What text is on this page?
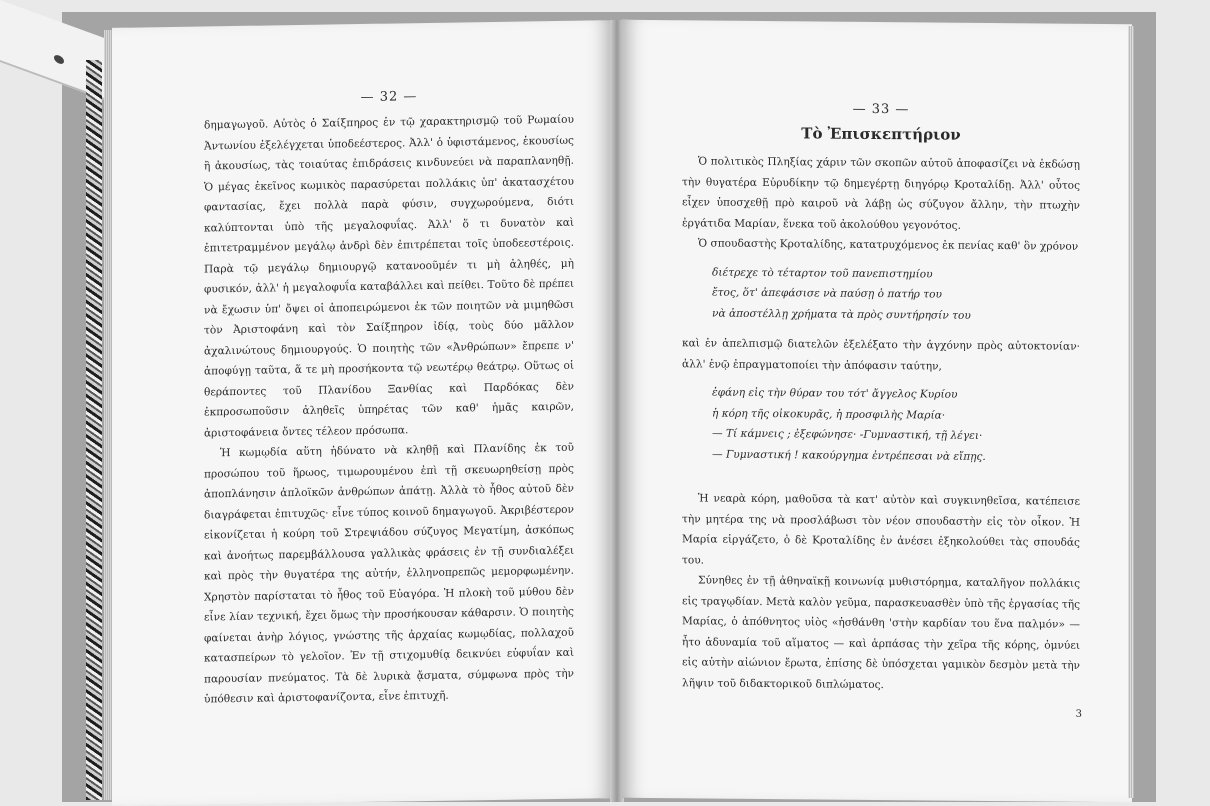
— 32 —

δημαγωγοῦ. Αὐτὸς ὁ Σαίξπηρος ἐν τῷ χαρακτηρισμῷ τοῦ Ρωμαίου Ἀντωνίου ἐξελέγχεται ὑποδεέστερος. Ἀλλ' ὁ ὑφιστάμενος, ἑκουσίως ἢ ἀκουσίως, τὰς τοιαύτας ἐπιδράσεις κινδυνεύει νὰ παραπλανηθῇ. Ὁ μέγας ἐκεῖνος κωμικὸς παρασύρεται πολλάκις ὑπ' ἀκατασχέτου φαντασίας, ἔχει πολλὰ παρὰ φύσιν, συγχωρούμενα, διότι καλύπτονται ὑπὸ τῆς μεγαλοφυΐας. Ἀλλ' ὅ τι δυνατὸν καὶ ἐπιτετραμμένον μεγάλῳ ἀνδρὶ δὲν ἐπιτρέπεται τοῖς ὑποδεεστέροις. Παρὰ τῷ μεγάλῳ δημιουργῷ κατανοοῦμέν τι μὴ ἀληθές, μὴ φυσικόν, ἀλλ' ἡ μεγαλοφυΐα καταβάλλει καὶ πείθει. Τοῦτο δὲ πρέπει νὰ ἔχωσιν ὑπ' ὄψει οἱ ἀποπειρώμενοι ἐκ τῶν ποιητῶν νὰ μιμηθῶσι τὸν Ἀριστοφάνη καὶ τὸν Σαίξπηρον ἰδίᾳ, τοὺς δύο μᾶλλον ἀχαλινώτους δημιουργούς. Ὁ ποιητὴς τῶν «Ἀνθρώπων» ἔπρεπε ν' ἀποφύγῃ ταῦτα, ἅ τε μὴ προσήκοντα τῷ νεωτέρῳ θεάτρῳ. Οὕτως οἱ θεράποντες τοῦ Πλανίδου Ξανθίας καὶ Παρδόκας δὲν ἐκπροσωποῦσιν ἀληθεῖς ὑπηρέτας τῶν καθ' ἡμᾶς καιρῶν, ἀριστοφάνεια ὄντες τέλεον πρόσωπα.

Ἡ κωμῳδία αὕτη ἠδύνατο νὰ κληθῇ καὶ Πλανίδης ἐκ τοῦ προσώπου τοῦ ἥρωος, τιμωρουμένου ἐπὶ τῇ σκευωρηθείσῃ πρὸς ἀποπλάνησιν ἁπλοϊκῶν ἀνθρώπων ἀπάτῃ. Ἀλλὰ τὸ ἦθος αὐτοῦ δὲν διαγράφεται ἐπιτυχῶς· εἶνε τύπος κοινοῦ δημαγωγοῦ. Ἀκριβέστερον εἰκονίζεται ἡ κούρη τοῦ Στρεψιάδου σύζυγος Μεγατίμη, ἀσκόπως καὶ ἀνοήτως παρεμβάλλουσα γαλλικὰς φράσεις ἐν τῇ συνδιαλέξει καὶ πρὸς τὴν θυγατέρα της αὐτήν, ἑλληνοπρεπῶς μεμορφωμένην. Χρηστὸν παρίσταται τὸ ἦθος τοῦ Εὐαγόρα. Ἡ πλοκὴ τοῦ μύθου δὲν εἶνε λίαν τεχνική, ἔχει ὅμως τὴν προσήκουσαν κάθαρσιν. Ὁ ποιητὴς φαίνεται ἀνὴρ λόγιος, γνώστης τῆς ἀρχαίας κωμῳδίας, πολλαχοῦ κατασπείρων τὸ γελοῖον. Ἐν τῇ στιχομυθίᾳ δεικνύει εὐφυΐαν καὶ παρουσίαν πνεύματος. Τὰ δὲ λυρικὰ ᾄσματα, σύμφωνα πρὸς τὴν ὑπόθεσιν καὶ ἀριστοφανίζοντα, εἶνε ἐπιτυχῆ.

— 33 —

Τὸ Ἐπισκεπτήριον

Ὁ πολιτικὸς Πληξίας χάριν τῶν σκοπῶν αὐτοῦ ἀποφασίζει νὰ ἐκδώσῃ τὴν θυγατέρα Εὐρυδίκην τῷ δημεγέρτῃ διηγόρῳ Κροταλίδῃ. Ἀλλ' οὗτος εἶχεν ὑποσχεθῇ πρὸ καιροῦ νὰ λάβῃ ὡς σύζυγον ἄλλην, τὴν πτωχὴν ἐργάτιδα Μαρίαν, ἕνεκα τοῦ ἀκολούθου γεγονότος.

Ὁ σπουδαστὴς Κροταλίδης, κατατρυχόμενος ἐκ πενίας καθ' ὃν χρόνον

διέτρεχε τὸ τέταρτον τοῦ πανεπιστημίου
ἔτος, ὅτ' ἀπεφάσισε νὰ παύσῃ ὁ πατήρ του
νὰ ἀποστέλλῃ χρήματα τὰ πρὸς συντήρησίν του

καὶ ἐν ἀπελπισμῷ διατελῶν ἐξελέξατο τὴν ἀγχόνην πρὸς αὐτοκτονίαν· ἀλλ' ἐνῷ ἐπραγματοποίει τὴν ἀπόφασιν ταύτην,

ἐφάνη εἰς τὴν θύραν του τότ' ἄγγελος Κυρίου
ἡ κόρη τῆς οἰκοκυρᾶς, ἡ προσφιλὴς Μαρία·
— Τί κάμνεις ; ἐξεφώνησε· -Γυμναστική, τῇ λέγει·
— Γυμναστική ! κακούργημα ἐντρέπεσαι νὰ εἴπῃς.

Ἡ νεαρὰ κόρη, μαθοῦσα τὰ κατ' αὐτὸν καὶ συγκινηθεῖσα, κατέπεισε τὴν μητέρα της νὰ προσλάβωσι τὸν νέον σπουδαστὴν εἰς τὸν οἶκον. Ἡ Μαρία εἰργάζετο, ὁ δὲ Κροταλίδης ἐν ἀνέσει ἐξηκολούθει τὰς σπουδάς του.

Σύνηθες ἐν τῇ ἀθηναϊκῇ κοινωνίᾳ μυθιστόρημα, καταλῆγον πολλάκις εἰς τραγῳδίαν. Μετὰ καλὸν γεῦμα, παρασκευασθὲν ὑπὸ τῆς ἐργασίας τῆς Μαρίας, ὁ ἀπόθνητος υἱὸς «ἠσθάνθη 'στὴν καρδίαν του ἕνα παλμόν» — ἦτο ἀδυναμία τοῦ αἵματος — καὶ ἁρπάσας τὴν χεῖρα τῆς κόρης, ὀμνύει εἰς αὐτὴν αἰώνιον ἔρωτα, ἐπίσης δὲ ὑπόσχεται γαμικὸν δεσμὸν μετὰ τὴν λῆψιν τοῦ διδακτορικοῦ διπλώματος.

3
